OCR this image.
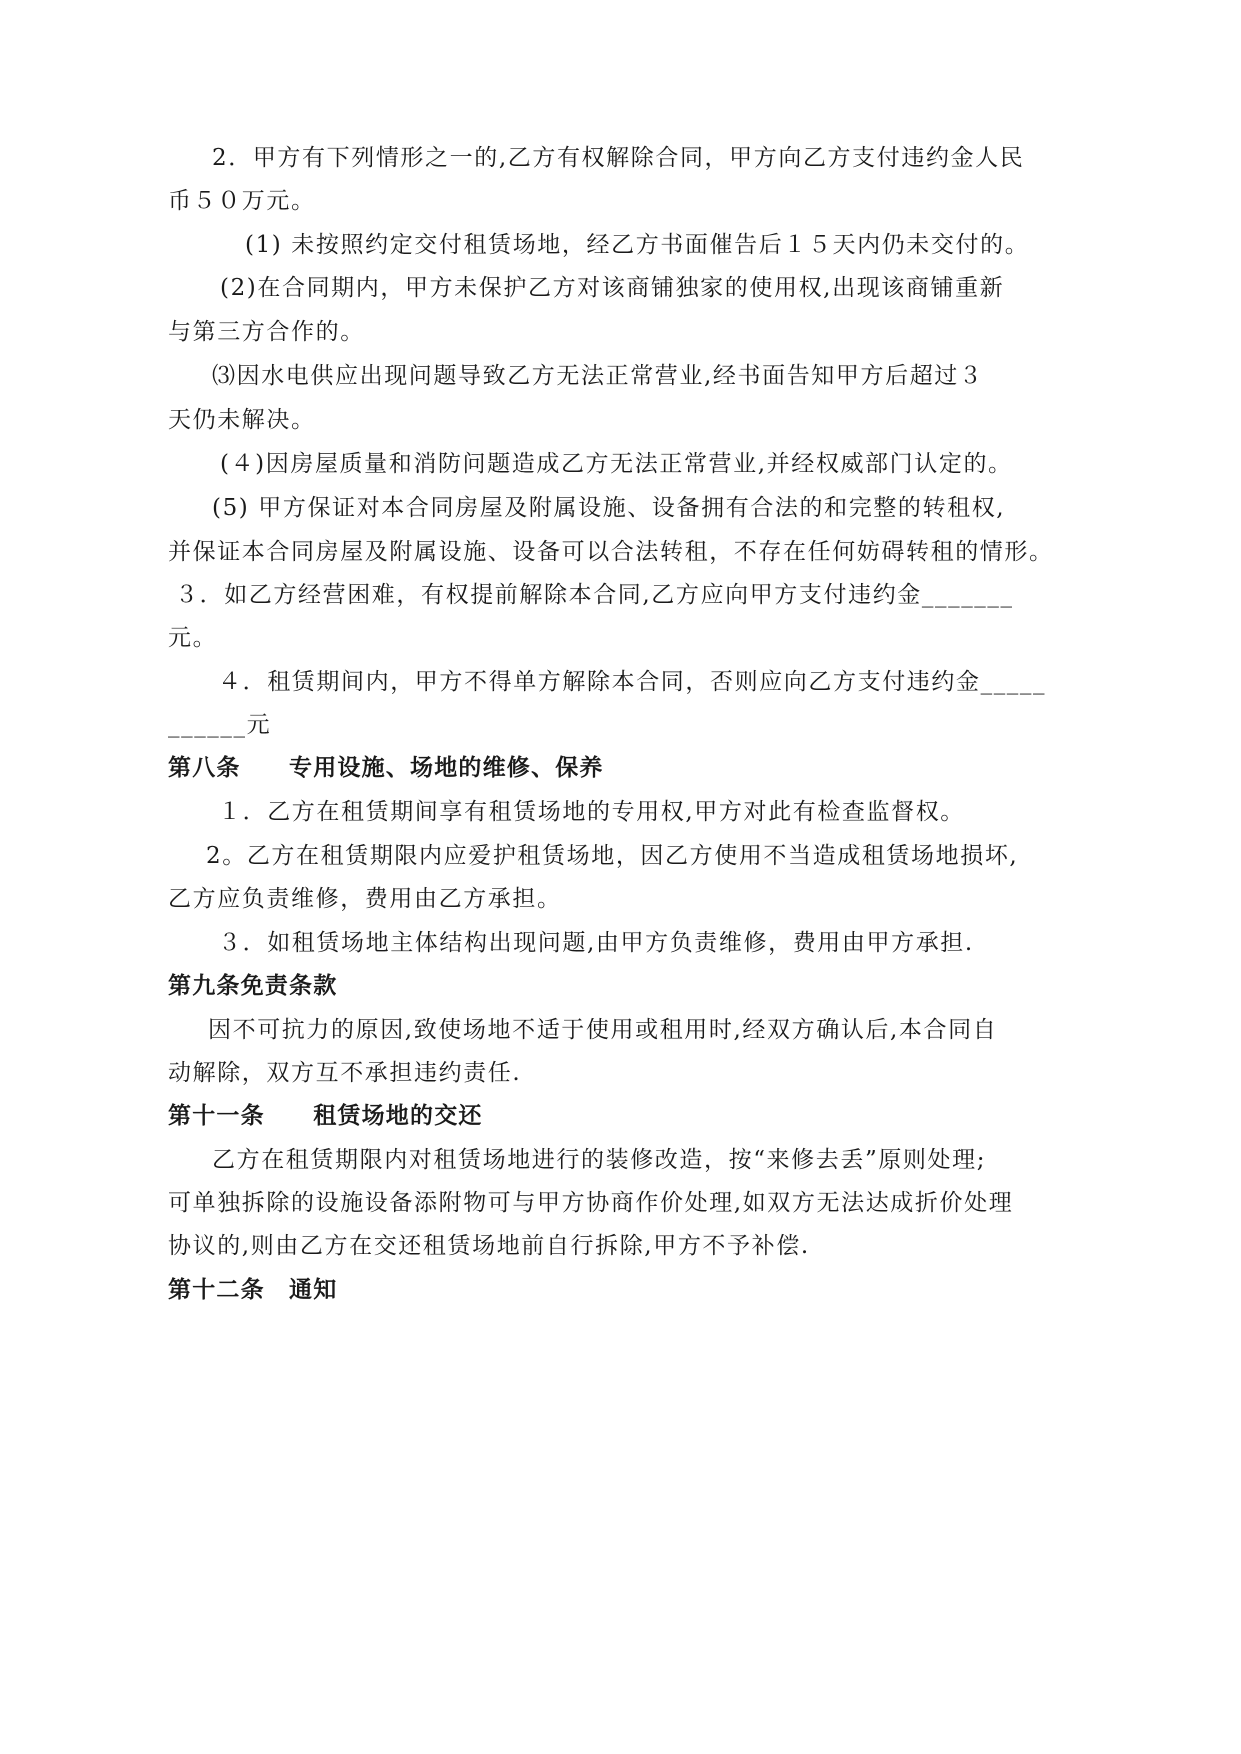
2．甲方有下列情形之一的,乙方有权解除合同，甲方向乙方支付违约金人民

币５０万元。

(1) 未按照约定交付租赁场地，经乙方书面催告后１５天内仍未交付的。

(2)在合同期内，甲方未保护乙方对该商铺独家的使用权,出现该商铺重新

与第三方合作的。

⑶因水电供应出现问题导致乙方无法正常营业,经书面告知甲方后超过３

天仍未解决。

(４)因房屋质量和消防问题造成乙方无法正常营业,并经权威部门认定的。

(5) 甲方保证对本合同房屋及附属设施、设备拥有合法的和完整的转租权,

并保证本合同房屋及附属设施、设备可以合法转租，不存在任何妨碍转租的情形。

３．如乙方经营困难，有权提前解除本合同,乙方应向甲方支付违约金_______

元。

４．租赁期间内，甲方不得单方解除本合同，否则应向乙方支付违约金_____

______元

第八条　　专用设施、场地的维修、保养

１．乙方在租赁期间享有租赁场地的专用权,甲方对此有检查监督权。

2。乙方在租赁期限内应爱护租赁场地，因乙方使用不当造成租赁场地损坏,

乙方应负责维修，费用由乙方承担。

３．如租赁场地主体结构出现问题,由甲方负责维修，费用由甲方承担.

第九条免责条款

因不可抗力的原因,致使场地不适于使用或租用时,经双方确认后,本合同自

动解除，双方互不承担违约责任.

第十一条　　租赁场地的交还

乙方在租赁期限内对租赁场地进行的装修改造，按“来修去丢”原则处理;

可单独拆除的设施设备添附物可与甲方协商作价处理,如双方无法达成折价处理

协议的,则由乙方在交还租赁场地前自行拆除,甲方不予补偿.

第十二条　通知
